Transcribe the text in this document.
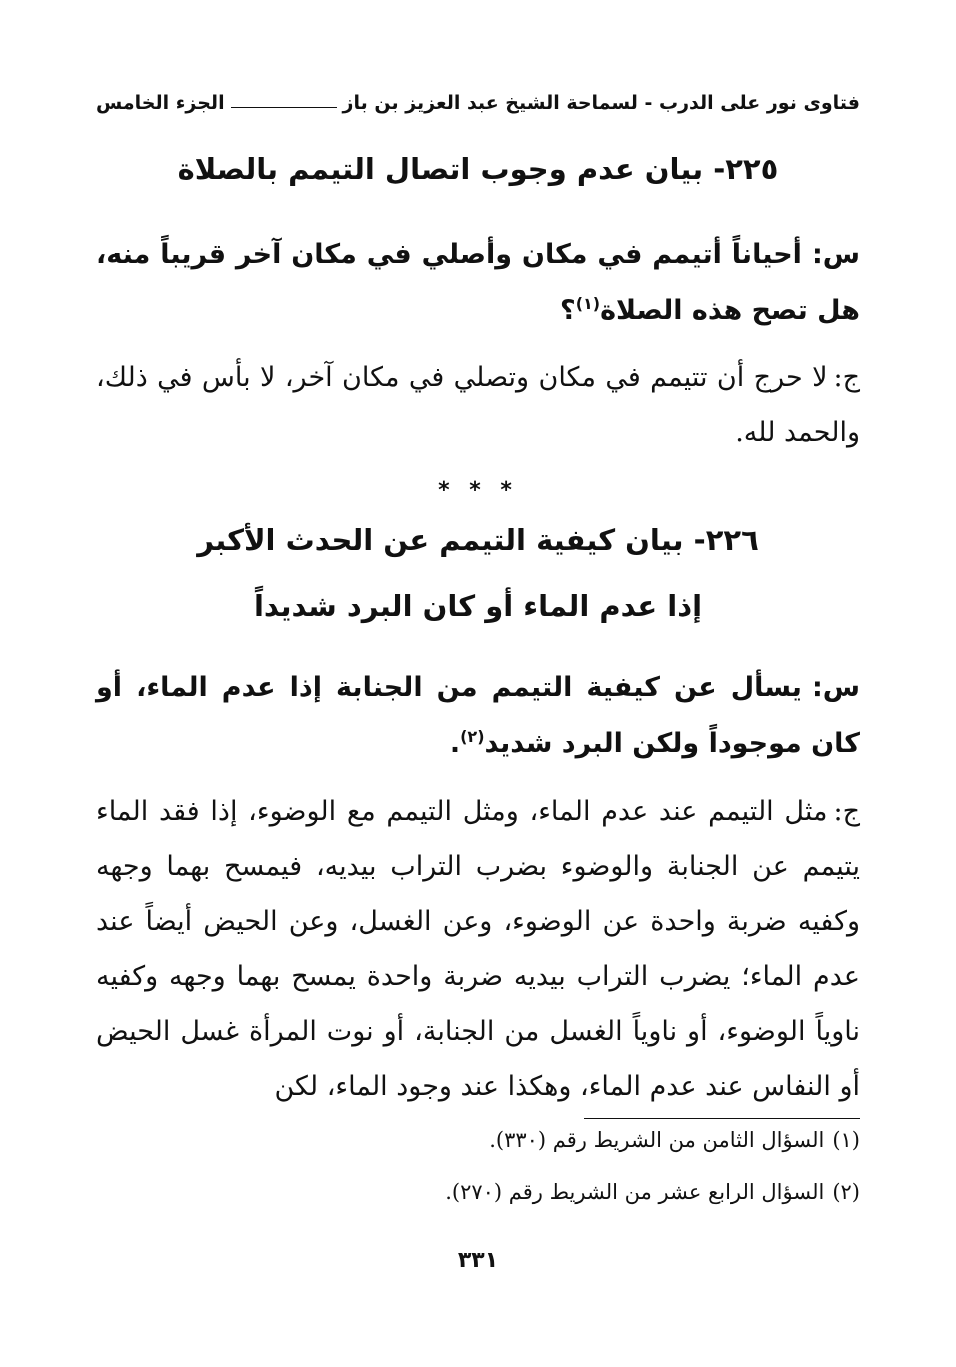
فتاوى نور على الدرب - لسماحة الشيخ عبد العزيز بن باز
الجزء الخامس
٢٢٥- بيان عدم وجوب اتصال التيمم بالصلاة

س:أحياناً أتيمم في مكان وأصلي في مكان آخر قريباً منه، هل تصح هذه الصلاة$^{(١)}$؟

ج:لا حرج أن تتيمم في مكان وتصلي في مكان آخر، لا بأس في ذلك، والحمد لله.

* * *
٢٢٦- بيان كيفية التيمم عن الحدث الأكبر
إذا عدم الماء أو كان البرد شديداً

س:يسأل عن كيفية التيمم من الجنابة إذا عدم الماء، أو كان موجوداً ولكن البرد شديد$^{(٢)}$.

ج:مثل التيمم عند عدم الماء، ومثل التيمم مع الوضوء، إذا فقد الماء يتيمم عن الجنابة والوضوء بضرب التراب بيديه، فيمسح بهما وجهه وكفيه ضربة واحدة عن الوضوء، وعن الغسل، وعن الحيض أيضاً عند عدم الماء؛ يضرب التراب بيديه ضربة واحدة يمسح بهما وجهه وكفيه ناوياً الوضوء، أو ناوياً الغسل من الجنابة، أو نوت المرأة غسل الحيض أو النفاس عند عدم الماء، وهكذا عند وجود الماء، لكن

(١)السؤال الثامن من الشريط رقم (٣٣٠).

(٢)السؤال الرابع عشر من الشريط رقم (٢٧٠).

٣٣١
